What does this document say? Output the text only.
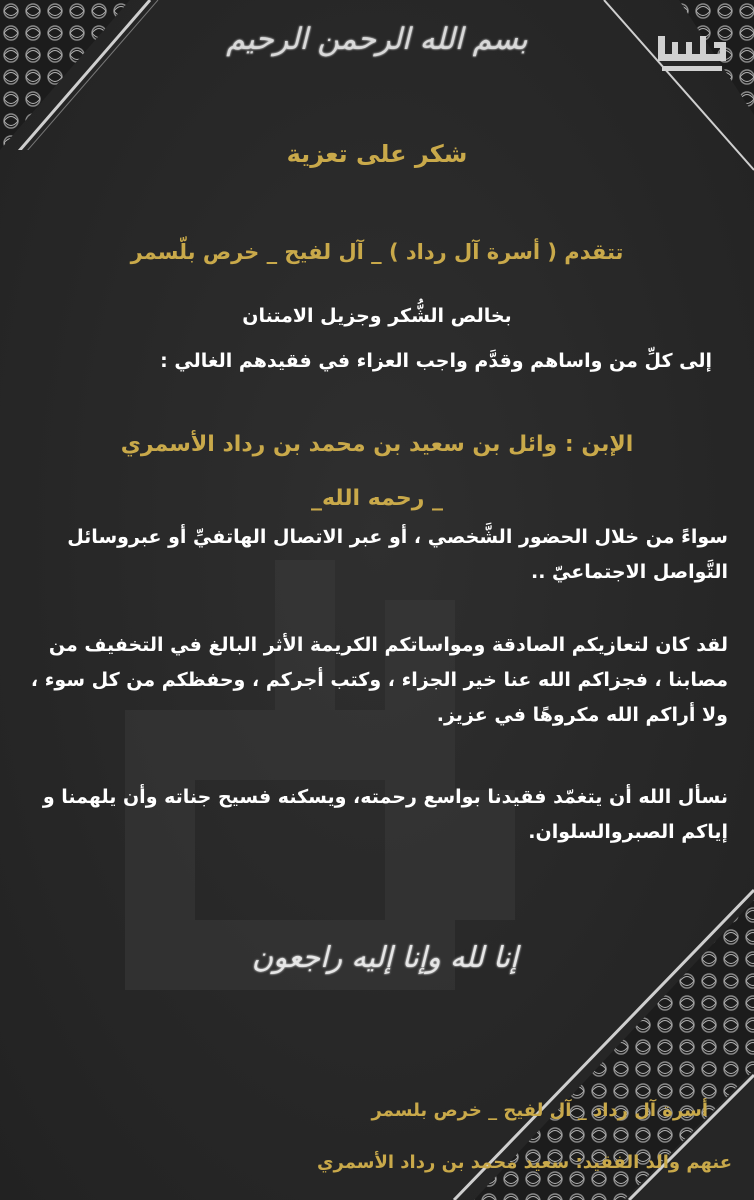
بسم الله الرحمن الرحيم
شكر على تعزية
تتقدم ( أسرة آل رداد ) _ آل لفيح _ خرص بلّسمر
بخالص الشُّكر وجزيل الامتنان
إلى كلِّ من واساهم وقدَّم واجب العزاء في فقيدهم الغالي :
الإبن : وائل بن سعيد بن محمد بن رداد الأسمري
_ رحمه الله_
سواءً من خلال الحضور الشَّخصي ، أو عبر الاتصال الهاتفيِّ أو عبروسائل التَّواصل الاجتماعيّ ..
لقد كان لتعازيكم الصادقة ومواساتكم الكريمة الأثر البالغ في التخفيف من مصابنا ، فجزاكم الله عنا خير الجزاء ، وكتب أجركم ، وحفظكم من كل سوء ، ولا أراكم الله مكروهًا في عزيز.
نسأل الله أن يتغمّد فقيدنا بواسع رحمته، ويسكنه فسيح جناته وأن يلهمنا و إياكم الصبروالسلوان.
إنا لله وإنا إليه راجعون
أسرة آل رداد _ آل لفيح _ خرص بلسمر
عنهم والد الفقيد: سعيد محمد بن رداد الأسمري
